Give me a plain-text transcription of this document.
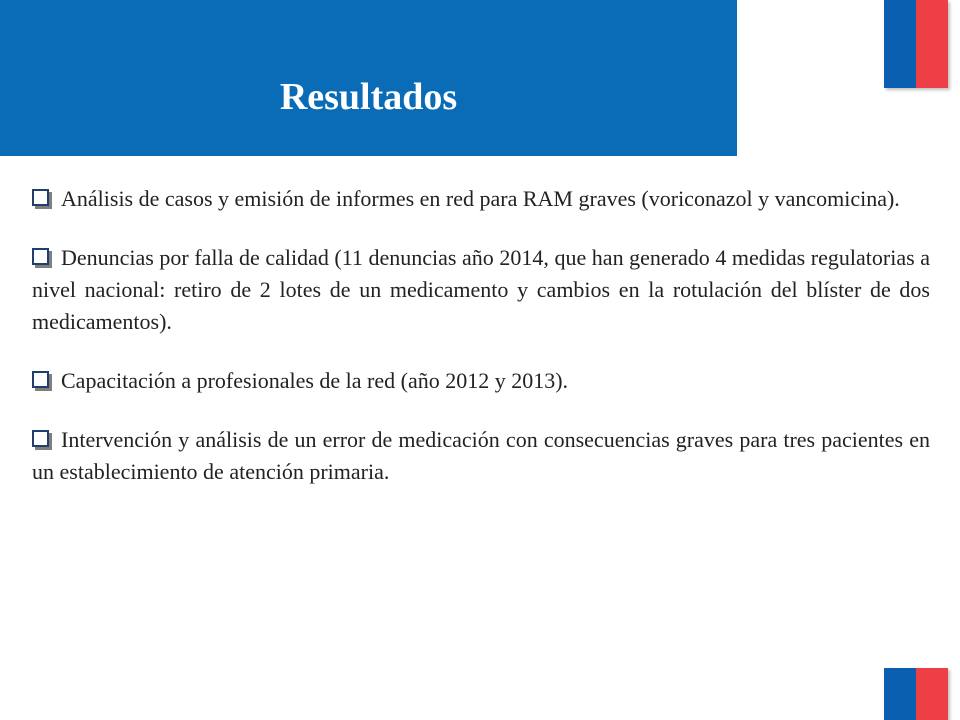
Resultados

Análisis de casos y emisión de informes en red para RAM graves (voriconazol y vancomicina).

Denuncias por falla de calidad (11 denuncias año 2014, que han generado 4 medidas regulatorias a nivel nacional: retiro de 2 lotes de un medicamento y cambios en la rotulación del blíster de dos medicamentos).

Capacitación a profesionales de la red (año 2012 y 2013).

Intervención y análisis de un error de medicación con consecuencias graves para tres pacientes en un establecimiento de atención primaria.
